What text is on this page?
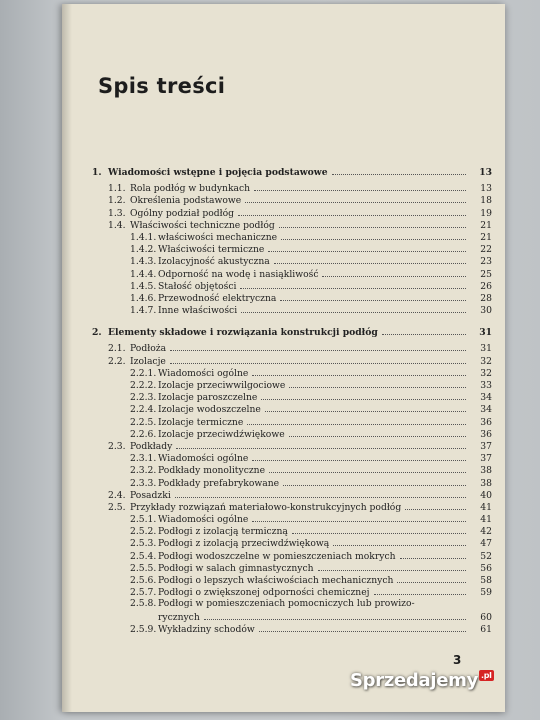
Spis treści
1. Wiadomości wstępne i pojęcia podstawowe	13
1.1. Rola podłóg w budynkach	13
1.2. Określenia podstawowe	18
1.3. Ogólny podział podłóg	19
1.4. Właściwości techniczne podłóg	21
1.4.1. właściwości mechaniczne	21
1.4.2. Właściwości termiczne	22
1.4.3. Izolacyjność akustyczna	23
1.4.4. Odporność na wodę i nasiąkliwość	25
1.4.5. Stałość objętości	26
1.4.6. Przewodność elektryczna	28
1.4.7. Inne właściwości	30
2. Elementy składowe i rozwiązania konstrukcji podłóg	31
2.1. Podłoża	31
2.2. Izolacje	32
2.2.1. Wiadomości ogólne	32
2.2.2. Izolacje przeciwwilgociowe	33
2.2.3. Izolacje paroszczelne	34
2.2.4. Izolacje wodoszczelne	34
2.2.5. Izolacje termiczne	36
2.2.6. Izolacje przeciwdźwiękowe	36
2.3. Podkłady	37
2.3.1. Wiadomości ogólne	37
2.3.2. Podkłady monolityczne	38
2.3.3. Podkłady prefabrykowane	38
2.4. Posadzki	40
2.5. Przykłady rozwiązań materiałowo-konstrukcyjnych podłóg	41
2.5.1. Wiadomości ogólne	41
2.5.2. Podłogi z izolacją termiczną	42
2.5.3. Podłogi z izolacją przeciwdźwiękową	47
2.5.4. Podłogi wodoszczelne w pomieszczeniach mokrych	52
2.5.5. Podłogi w salach gimnastycznych	56
2.5.6. Podłogi o lepszych właściwościach mechanicznych	58
2.5.7. Podłogi o zwiększonej odporności chemicznej	59
2.5.8. Podłogi w pomieszczeniach pomocniczych lub prowizo-
rycznych	60
2.5.9. Wykładziny schodów	61
3
Sprzedajemy .pl
